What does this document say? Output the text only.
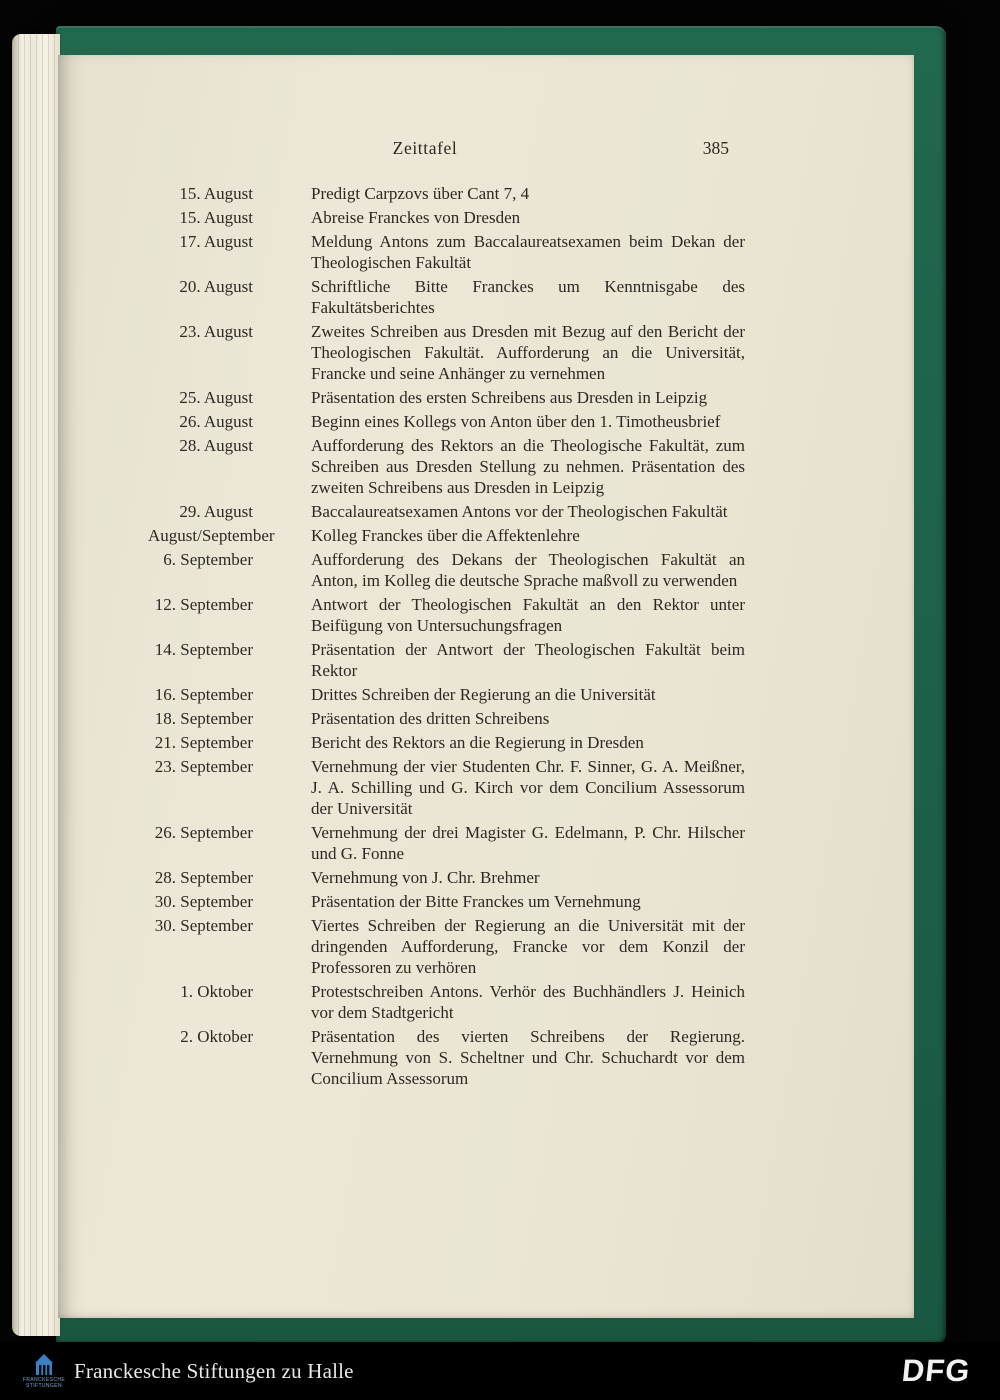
Zeittafel	385
15. August	Predigt Carpzovs über Cant 7, 4
15. August	Abreise Franckes von Dresden
17. August	Meldung Antons zum Baccalaureatsexamen beim Dekan der Theologischen Fakultät
20. August	Schriftliche Bitte Franckes um Kenntnisgabe des Fakultätsberichtes
23. August	Zweites Schreiben aus Dresden mit Bezug auf den Bericht der Theologischen Fakultät. Aufforderung an die Universität, Francke und seine Anhänger zu vernehmen
25. August	Präsentation des ersten Schreibens aus Dresden in Leipzig
26. August	Beginn eines Kollegs von Anton über den 1. Timotheusbrief
28. August	Aufforderung des Rektors an die Theologische Fakultät, zum Schreiben aus Dresden Stellung zu nehmen. Präsentation des zweiten Schreibens aus Dresden in Leipzig
29. August	Baccalaureatsexamen Antons vor der Theologischen Fakultät
August/September Kolleg Franckes über die Affektenlehre
6. September	Aufforderung des Dekans der Theologischen Fakultät an Anton, im Kolleg die deutsche Sprache maßvoll zu verwenden
12. September	Antwort der Theologischen Fakultät an den Rektor unter Beifügung von Untersuchungsfragen
14. September	Präsentation der Antwort der Theologischen Fakultät beim Rektor
16. September	Drittes Schreiben der Regierung an die Universität
18. September	Präsentation des dritten Schreibens
21. September	Bericht des Rektors an die Regierung in Dresden
23. September	Vernehmung der vier Studenten Chr. F. Sinner, G. A. Meißner, J. A. Schilling und G. Kirch vor dem Concilium Assessorum der Universität
26. September	Vernehmung der drei Magister G. Edelmann, P. Chr. Hilscher und G. Fonne
28. September	Vernehmung von J. Chr. Brehmer
30. September	Präsentation der Bitte Franckes um Vernehmung
30. September	Viertes Schreiben der Regierung an die Universität mit der dringenden Aufforderung, Francke vor dem Konzil der Professoren zu verhören
1. Oktober	Protestschreiben Antons. Verhör des Buchhändlers J. Heinich vor dem Stadtgericht
2. Oktober	Präsentation des vierten Schreibens der Regierung. Vernehmung von S. Scheltner und Chr. Schuchardt vor dem Concilium Assessorum
FRANCKESCHE
STIFTUNGEN
Franckesche Stiftungen zu Halle	DFG
